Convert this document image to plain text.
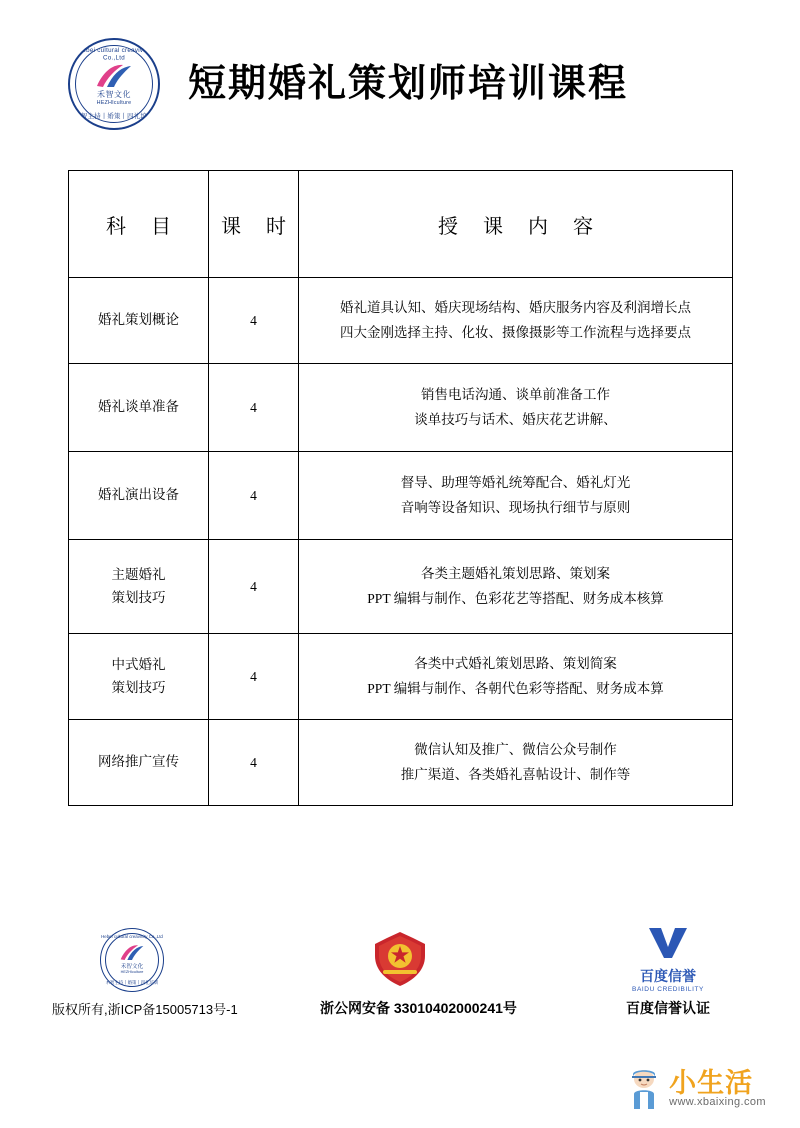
Hebei cultural creavivity Co.,Ltd
禾智文化
HEZHIculture
木智主持丨婚策丨四礼培训
短期婚礼策划师培训课程
科 目	课 时	授 课 内 容

婚礼策划概论	4	婚礼道具认知、婚庆现场结构、婚庆服务内容及利润增长点
四大金刚选择主持、化妆、摄像摄影等工作流程与选择要点

婚礼谈单准备	4	销售电话沟通、谈单前准备工作
谈单技巧与话术、婚庆花艺讲解、

婚礼演出设备	4	督导、助理等婚礼统筹配合、婚礼灯光
音响等设备知识、现场执行细节与原则

主题婚礼
策划技巧
	4	
各类主题婚礼策划思路、策划案
PPT 编辑与制作、色彩花艺等搭配、财务成本核算

中式婚礼
策划技巧
	4	
各类中式婚礼策划思路、策划简案
PPT 编辑与制作、各朝代色彩等搭配、财务成本算

网络推广宣传	4	微信认知及推广、微信公众号制作
推广渠道、各类婚礼喜帖设计、制作等
Hebei cultural creavivity Co.,Ltd
禾智文化
HEZHIculture
木智主持丨婚策丨四礼培训
版权所有,浙ICP备15005713号-1	浙公网安备 33010402000241号
百度信誉
BAIDU CREDIBILITY
百度信誉认证
小生活
www.xbaixing.com
